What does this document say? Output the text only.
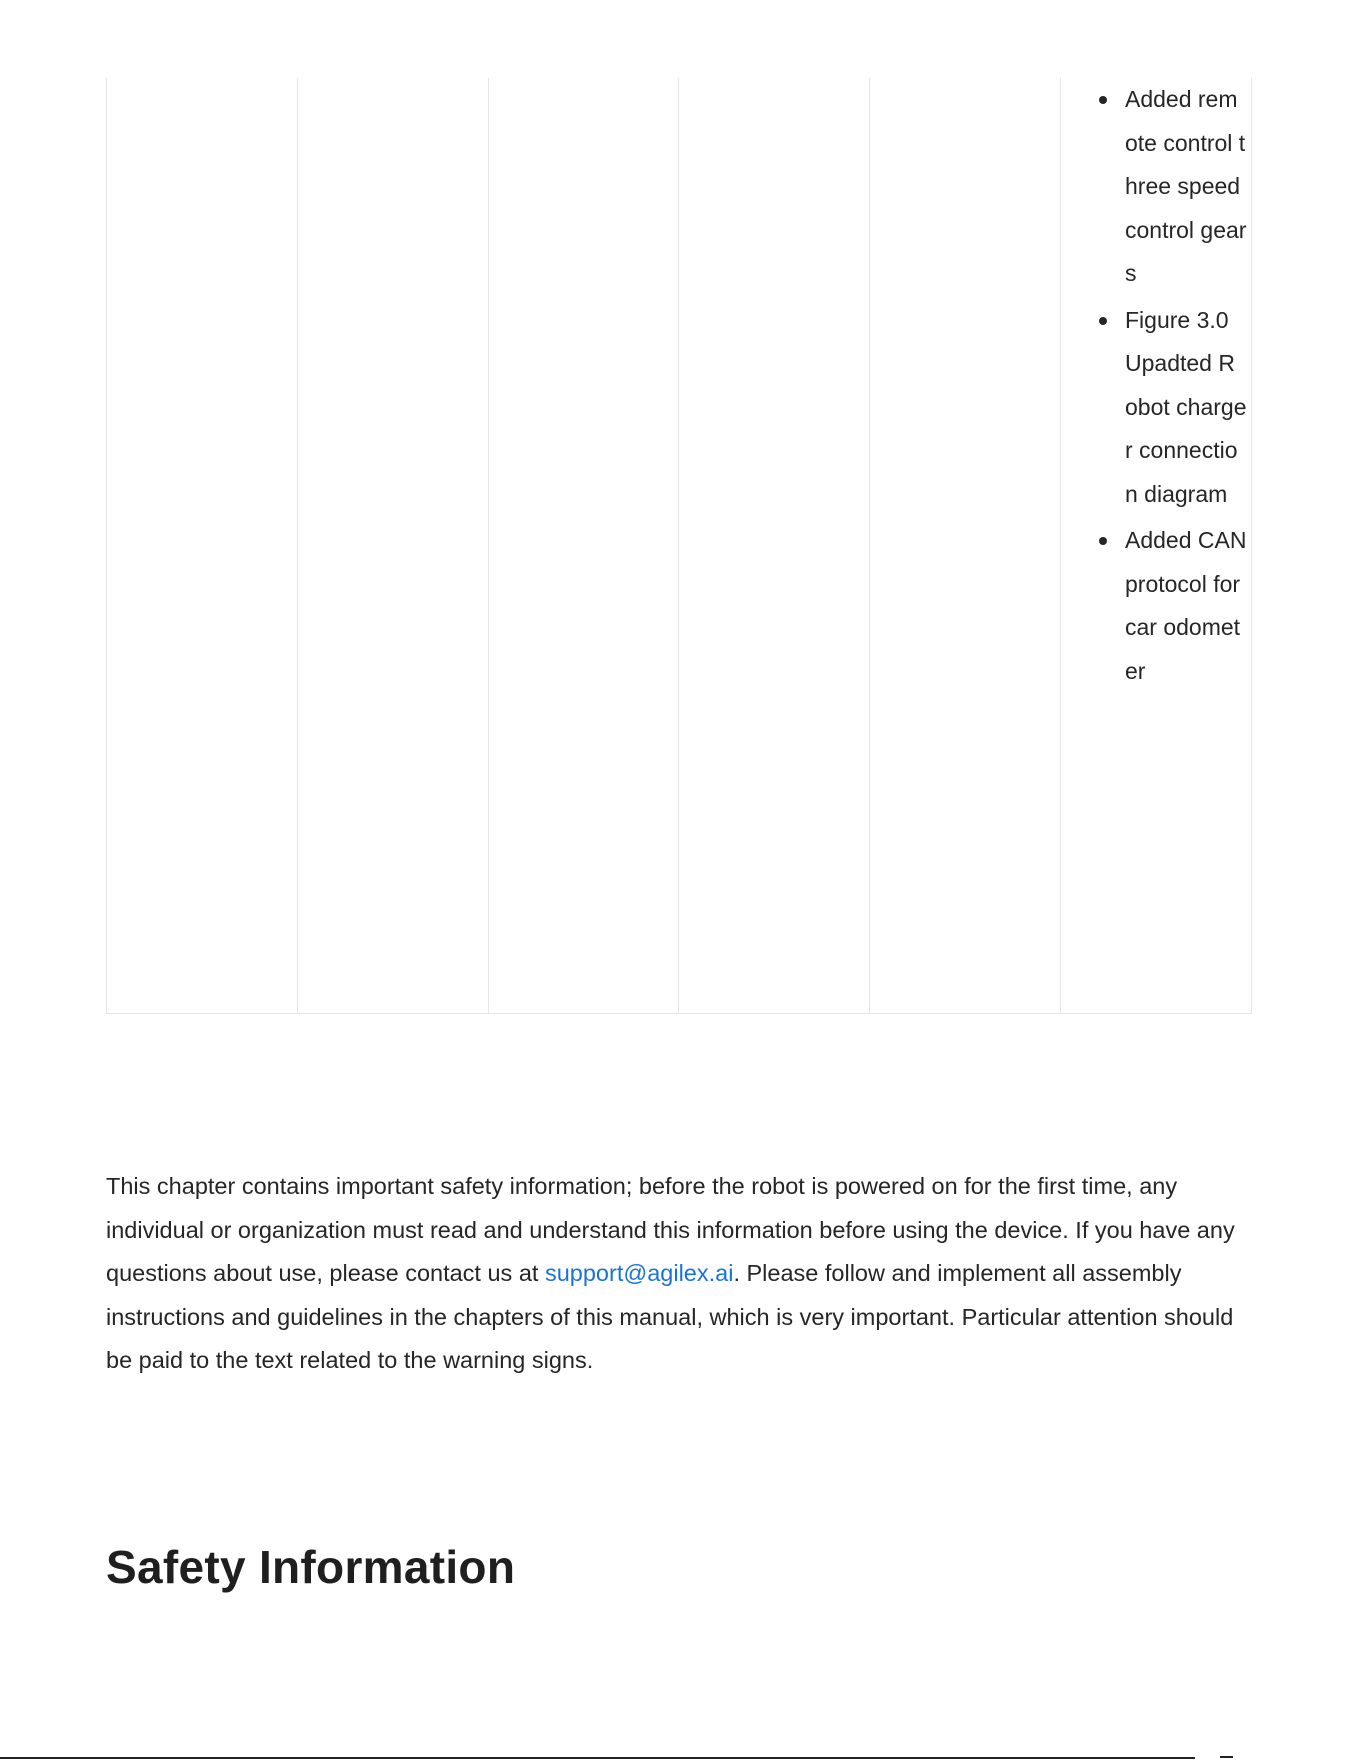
Added remote control three speed control gears
Figure 3.0 Upadted Robot charger connection diagram
Added CAN protocol for car odometer

This chapter contains important safety information; before the robot is powered on for the first time, any individual or organization must read and understand this information before using the device. If you have any questions about use, please contact us at support@agilex.ai. Please follow and implement all assembly instructions and guidelines in the chapters of this manual, which is very important. Particular attention should be paid to the text related to the warning signs.

Safety Information
